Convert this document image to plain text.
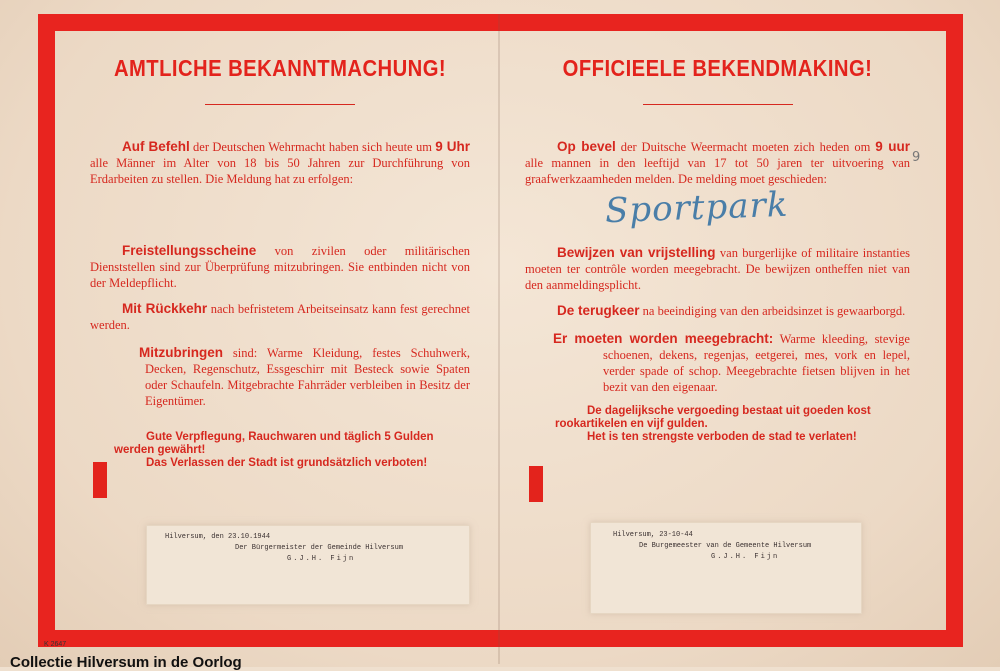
AMTLICHE BEKANNTMACHUNG!

Auf Befehl der Deutschen Wehrmacht haben sich heute um 9 Uhr alle Männer im Alter von 18 bis 50 Jahren zur Durchführung von Erdarbeiten zu stellen. Die Meldung hat zu erfolgen:

Freistellungsscheine von zivilen oder militärischen Dienststellen sind zur Überprüfung mitzubringen. Sie entbinden nicht von der Meldepflicht.

Mit Rückkehr nach befristetem Arbeitseinsatz kann fest gerechnet werden.

Mitzubringen sind: Warme Kleidung, festes Schuhwerk, Decken, Regenschutz, Essgeschirr mit Besteck sowie Spaten oder Schaufeln. Mitgebrachte Fahrräder verbleiben in Besitz der Eigentümer.

Gute Verpflegung, Rauchwaren und täglich 5 Gulden werden gewährt!

Das Verlassen der Stadt ist grundsätzlich verboten!

Hilversum, den 23.10.1944

Der Bürgermeister der Gemeinde Hilversum

G.J.H. Fijn

OFFICIEELE BEKENDMAKING!

Op bevel der Duitsche Weermacht moeten zich heden om 9 uur alle mannen in den leeftijd van 17 tot 50 jaren ter uitvoering van graafwerkzaamheden melden. De melding moet geschieden:

Bewijzen van vrijstelling van burgerlijke of militaire instanties moeten ter contrôle worden meegebracht. De bewijzen ontheffen niet van den aanmeldingsplicht.

De terugkeer na beeindiging van den arbeidsinzet is gewaarborgd.

Er moeten worden meegebracht: Warme kleeding, stevige schoenen, dekens, regenjas, eetgerei, mes, vork en lepel, verder spade of schop. Meegebrachte fietsen blijven in het bezit van den eigenaar.

De dagelijksche vergoeding bestaat uit goeden kost rookartikelen en vijf gulden.

Het is ten strengste verboden de stad te verlaten!

Sportpark
9

Hilversum, 23-10-44

De Burgemeester van de Gemeente Hilversum

G.J.H. Fijn

K 2647
Collectie Hilversum in de Oorlog
